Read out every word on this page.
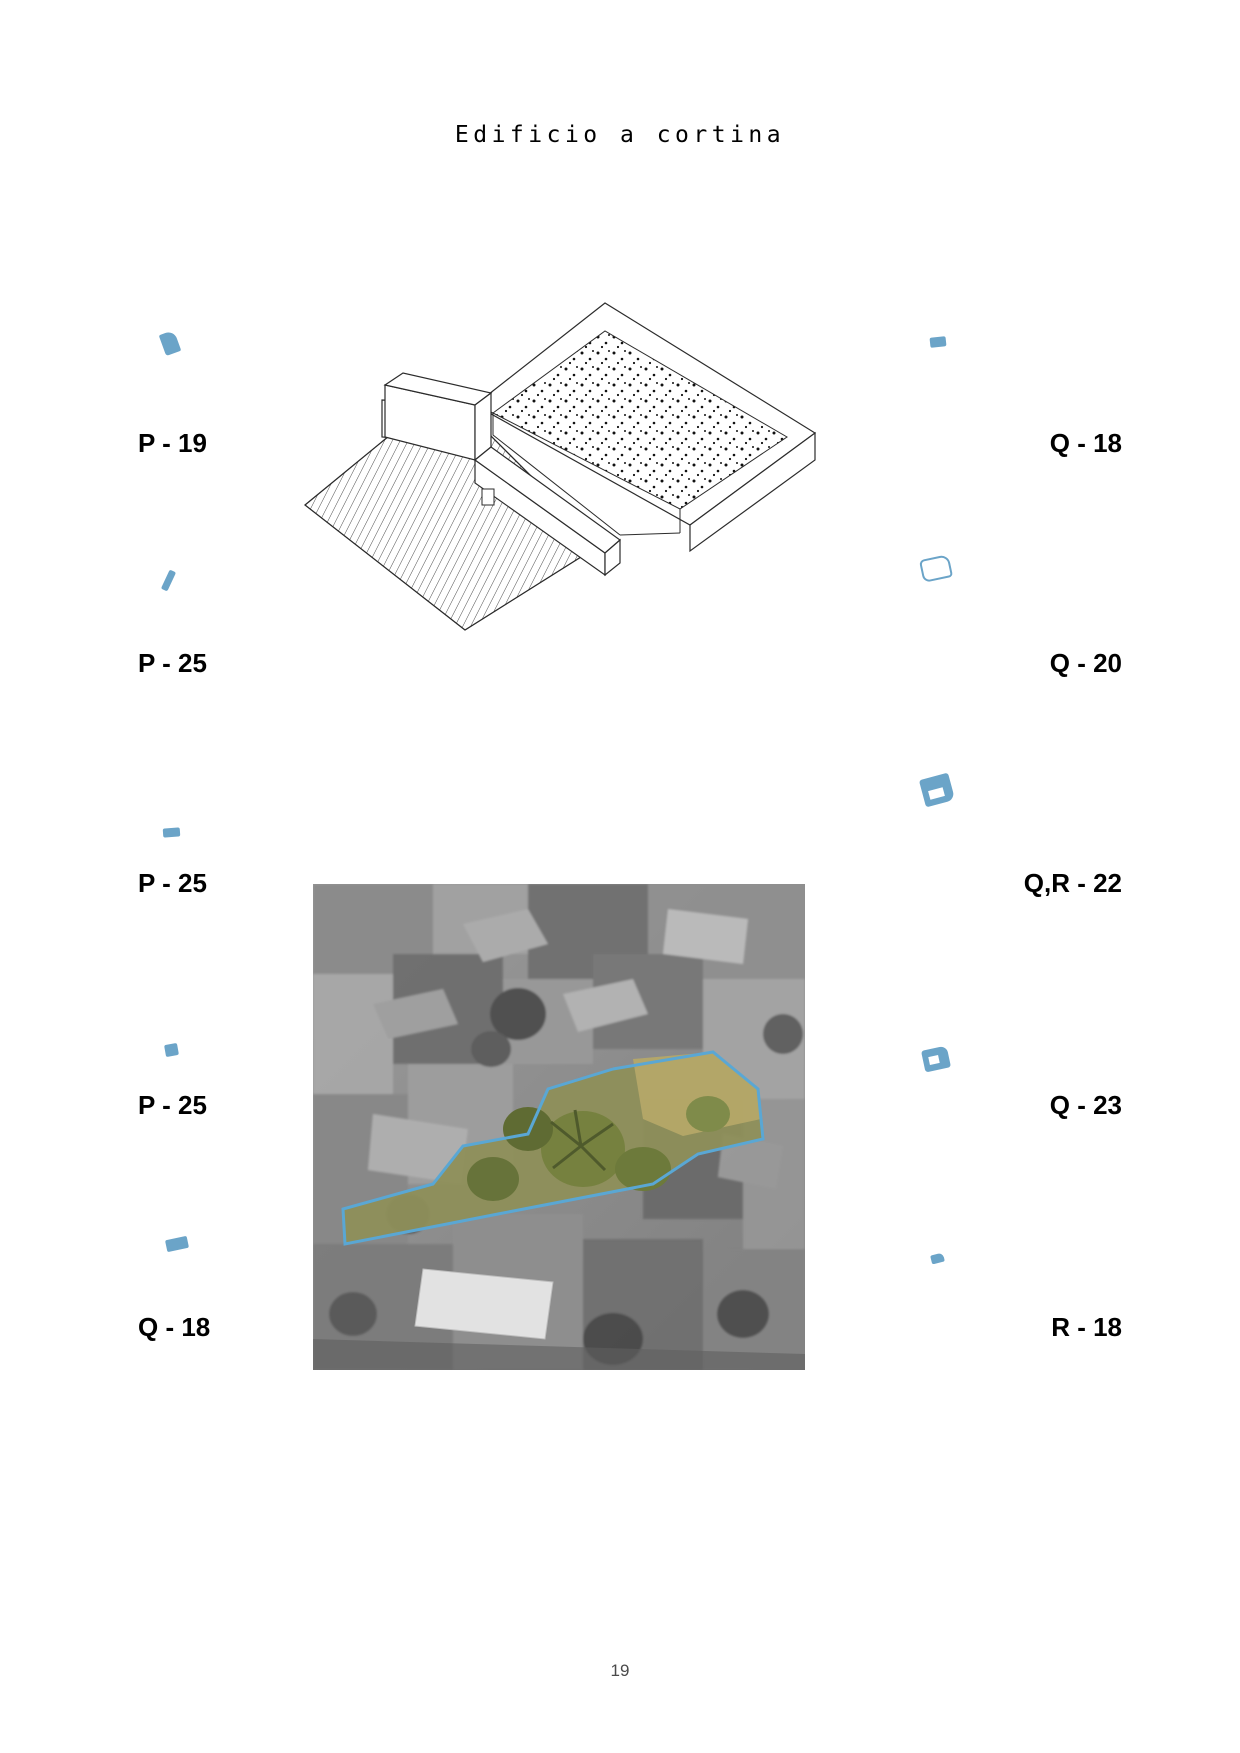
Edificio a cortina
P - 19
P - 25
P - 25
P - 25
Q - 18
Q - 18
Q - 20
Q,R - 22
Q - 23
R - 18
19
